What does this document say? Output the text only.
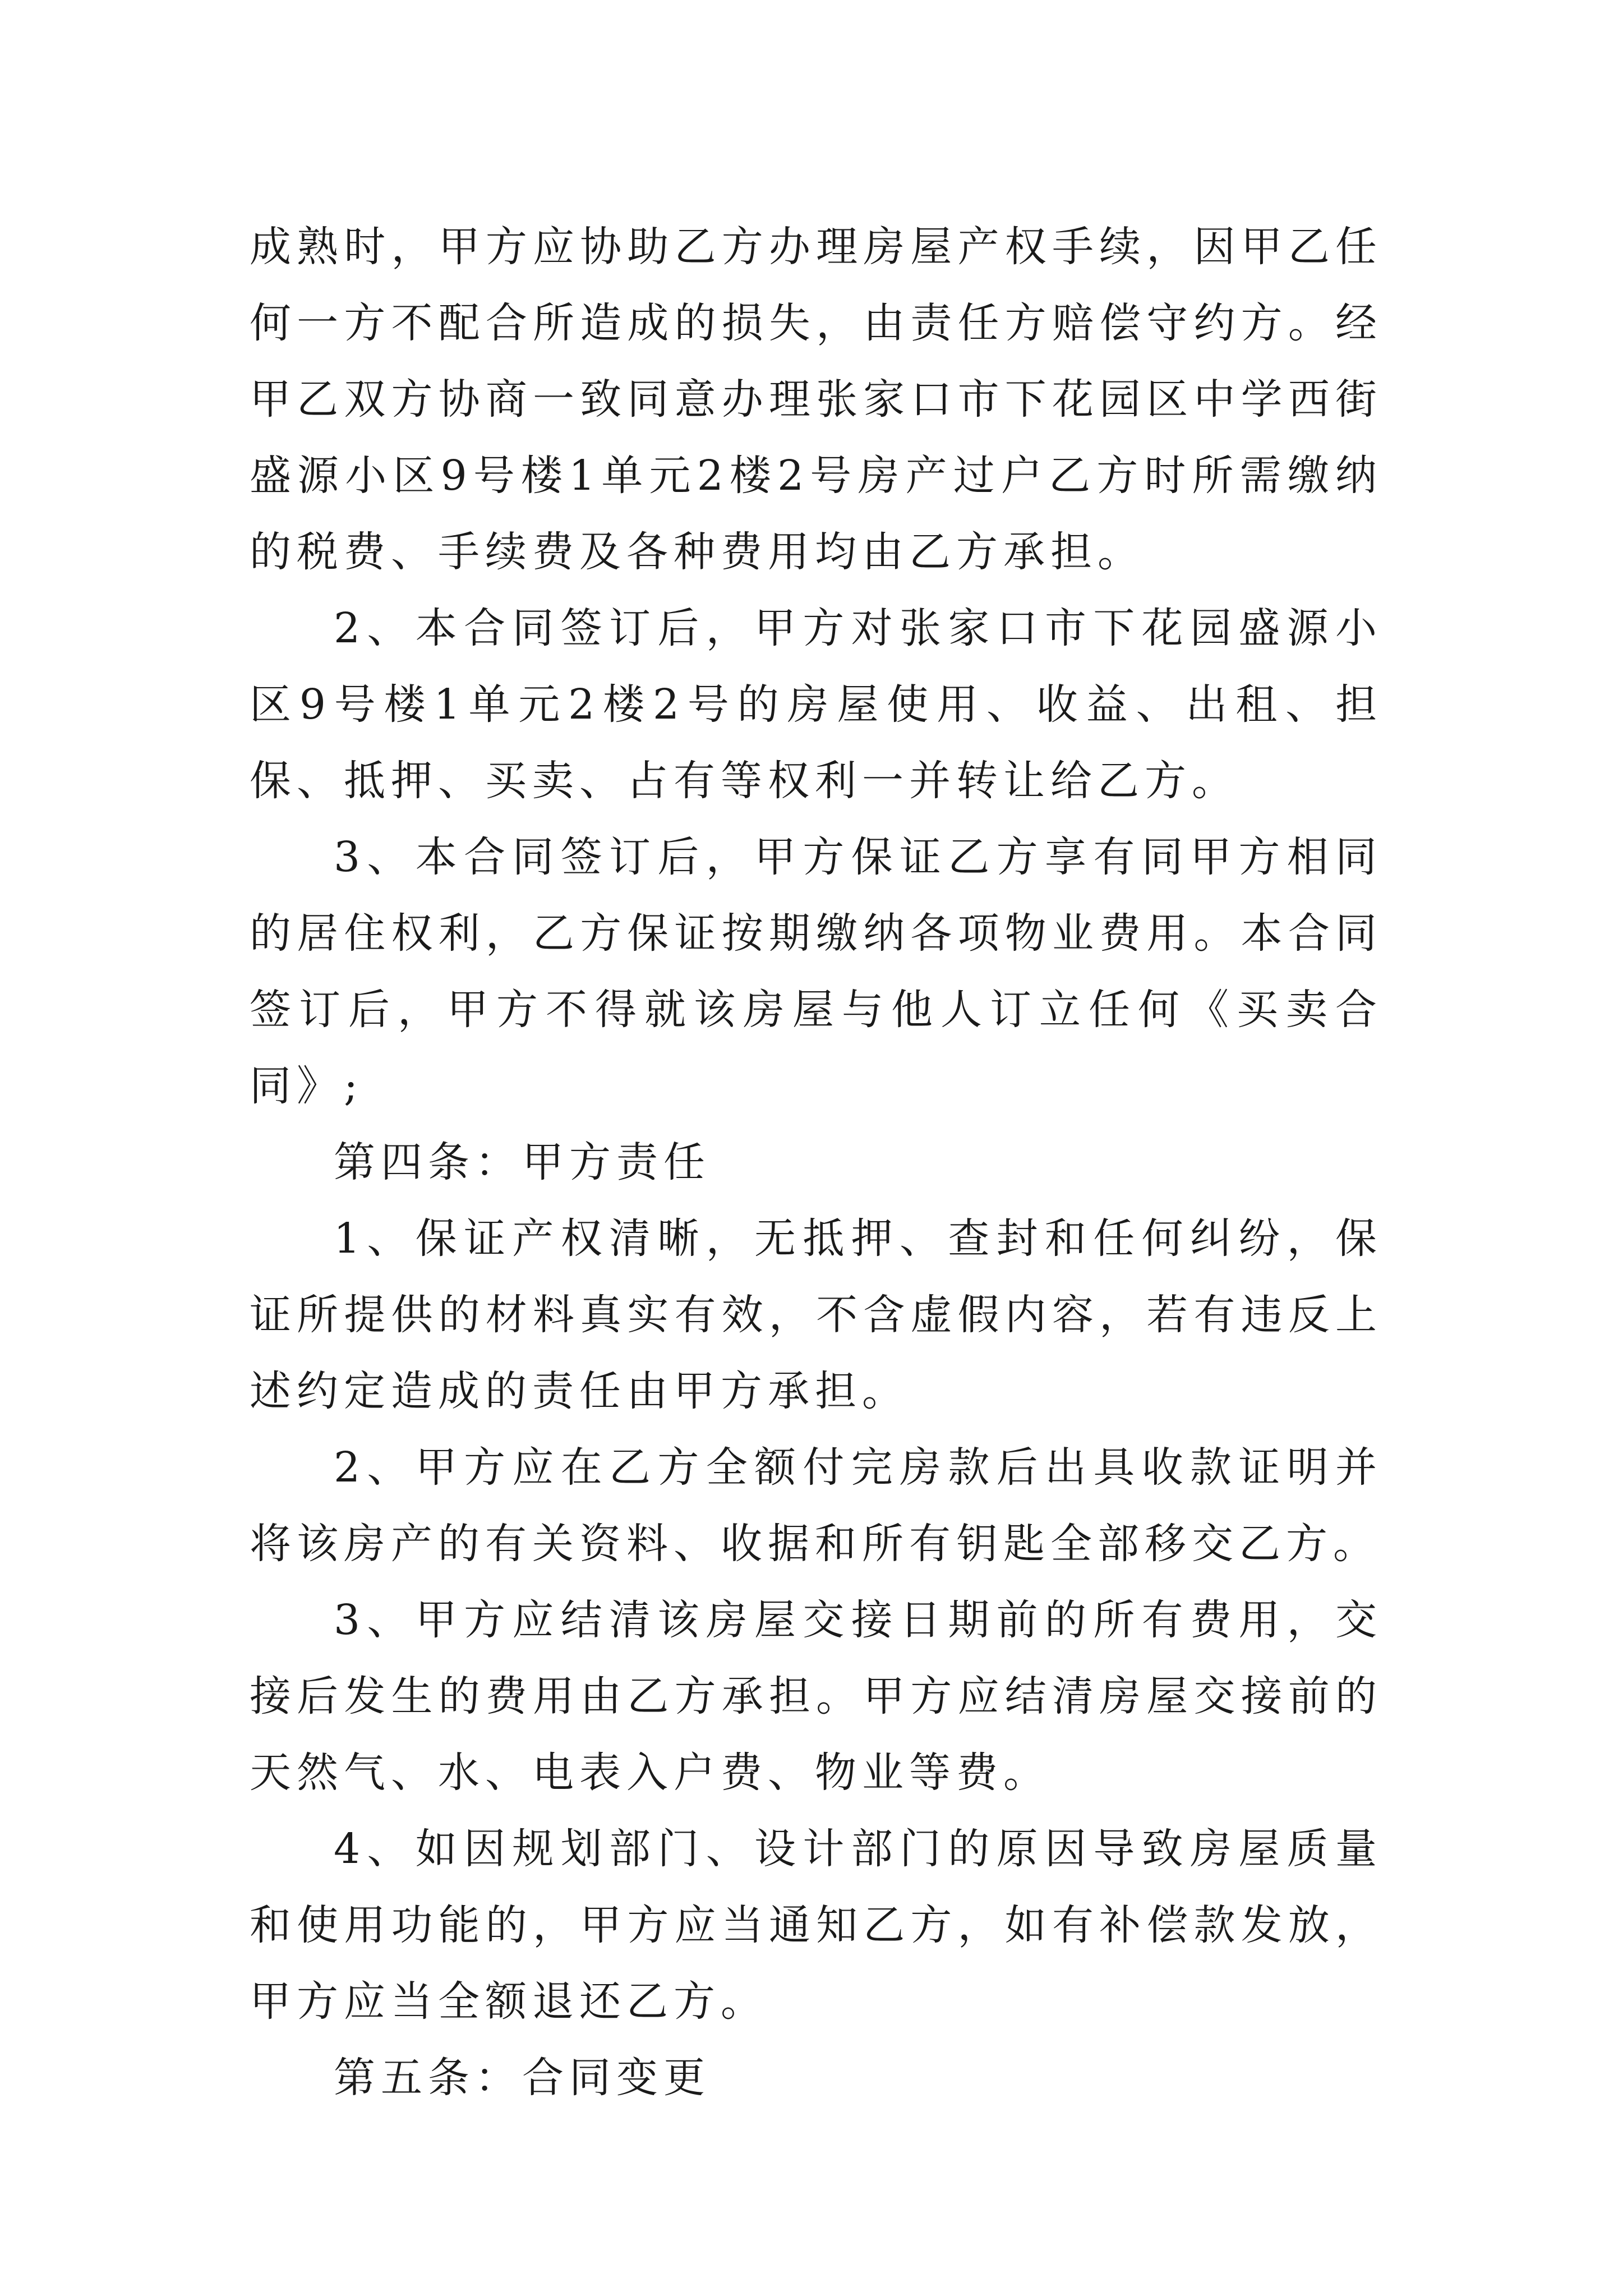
成熟时，甲方应协助乙方办理房屋产权手续，因甲乙任何一方不配合所造成的损失，由责任方赔偿守约方。经甲乙双方协商一致同意办理张家口市下花园区中学西街盛源小区9号楼1单元2楼2号房产过户乙方时所需缴纳的税费、手续费及各种费用均由乙方承担。

2、本合同签订后，甲方对张家口市下花园盛源小区9号楼1单元2楼2号的房屋使用、收益、出租、担保、抵押、买卖、占有等权利一并转让给乙方。

3、本合同签订后，甲方保证乙方享有同甲方相同的居住权利，乙方保证按期缴纳各项物业费用。本合同签订后，甲方不得就该房屋与他人订立任何《买卖合同》;

第四条：甲方责任

1、保证产权清晰，无抵押、查封和任何纠纷，保证所提供的材料真实有效，不含虚假内容，若有违反上述约定造成的责任由甲方承担。

2、甲方应在乙方全额付完房款后出具收款证明并将该房产的有关资料、收据和所有钥匙全部移交乙方。

3、甲方应结清该房屋交接日期前的所有费用，交接后发生的费用由乙方承担。甲方应结清房屋交接前的天然气、水、电表入户费、物业等费。

4、如因规划部门、设计部门的原因导致房屋质量和使用功能的，甲方应当通知乙方，如有补偿款发放，甲方应当全额退还乙方。

第五条：合同变更
